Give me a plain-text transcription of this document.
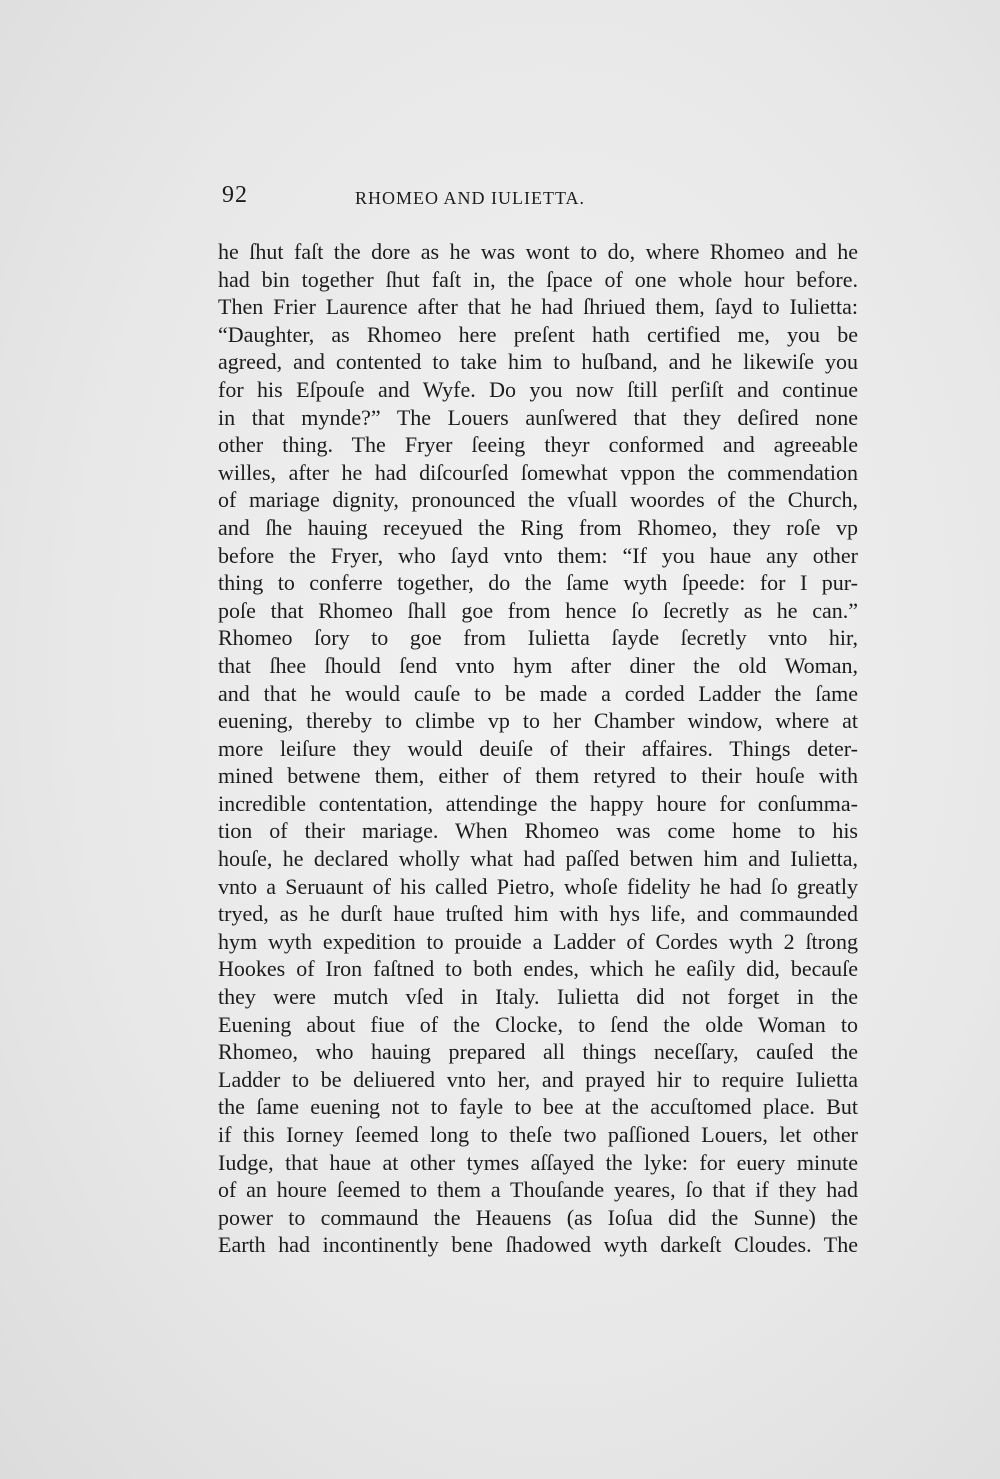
92	RHOMEO AND IULIETTA.
he ſhut faſt the dore as he was wont to do, where Rhomeo and he
had bin together ſhut faſt in, the ſpace of one whole hour before.
Then Frier Laurence after that he had ſhriued them, ſayd to Iulietta:
“Daughter, as Rhomeo here preſent hath certified me, you be
agreed, and contented to take him to huſband, and he likewiſe you
for his Eſpouſe and Wyfe. Do you now ſtill perſiſt and continue
in that mynde?” The Louers aunſwered that they deſired none
other thing. The Fryer ſeeing theyr conformed and agreeable
willes, after he had diſcourſed ſomewhat vppon the commendation
of mariage dignity, pronounced the vſuall woordes of the Church,
and ſhe hauing receyued the Ring from Rhomeo, they roſe vp
before the Fryer, who ſayd vnto them: “If you haue any other
thing to conferre together, do the ſame wyth ſpeede: for I pur-
poſe that Rhomeo ſhall goe from hence ſo ſecretly as he can.”
Rhomeo ſory to goe from Iulietta ſayde ſecretly vnto hir,
that ſhee ſhould ſend vnto hym after diner the old Woman,
and that he would cauſe to be made a corded Ladder the ſame
euening, thereby to climbe vp to her Chamber window, where at
more leiſure they would deuiſe of their affaires. Things deter-
mined betwene them, either of them retyred to their houſe with
incredible contentation, attendinge the happy houre for conſumma-
tion of their mariage. When Rhomeo was come home to his
houſe, he declared wholly what had paſſed betwen him and Iulietta,
vnto a Seruaunt of his called Pietro, whoſe fidelity he had ſo greatly
tryed, as he durſt haue truſted him with hys life, and commaunded
hym wyth expedition to prouide a Ladder of Cordes wyth 2 ſtrong
Hookes of Iron faſtned to both endes, which he eaſily did, becauſe
they were mutch vſed in Italy. Iulietta did not forget in the
Euening about fiue of the Clocke, to ſend the olde Woman to
Rhomeo, who hauing prepared all things neceſſary, cauſed the
Ladder to be deliuered vnto her, and prayed hir to require Iulietta
the ſame euening not to fayle to bee at the accuſtomed place. But
if this Iorney ſeemed long to theſe two paſſioned Louers, let other
Iudge, that haue at other tymes aſſayed the lyke: for euery minute
of an houre ſeemed to them a Thouſande yeares, ſo that if they had
power to commaund the Heauens (as Ioſua did the Sunne) the
Earth had incontinently bene ſhadowed wyth darkeſt Cloudes. The
